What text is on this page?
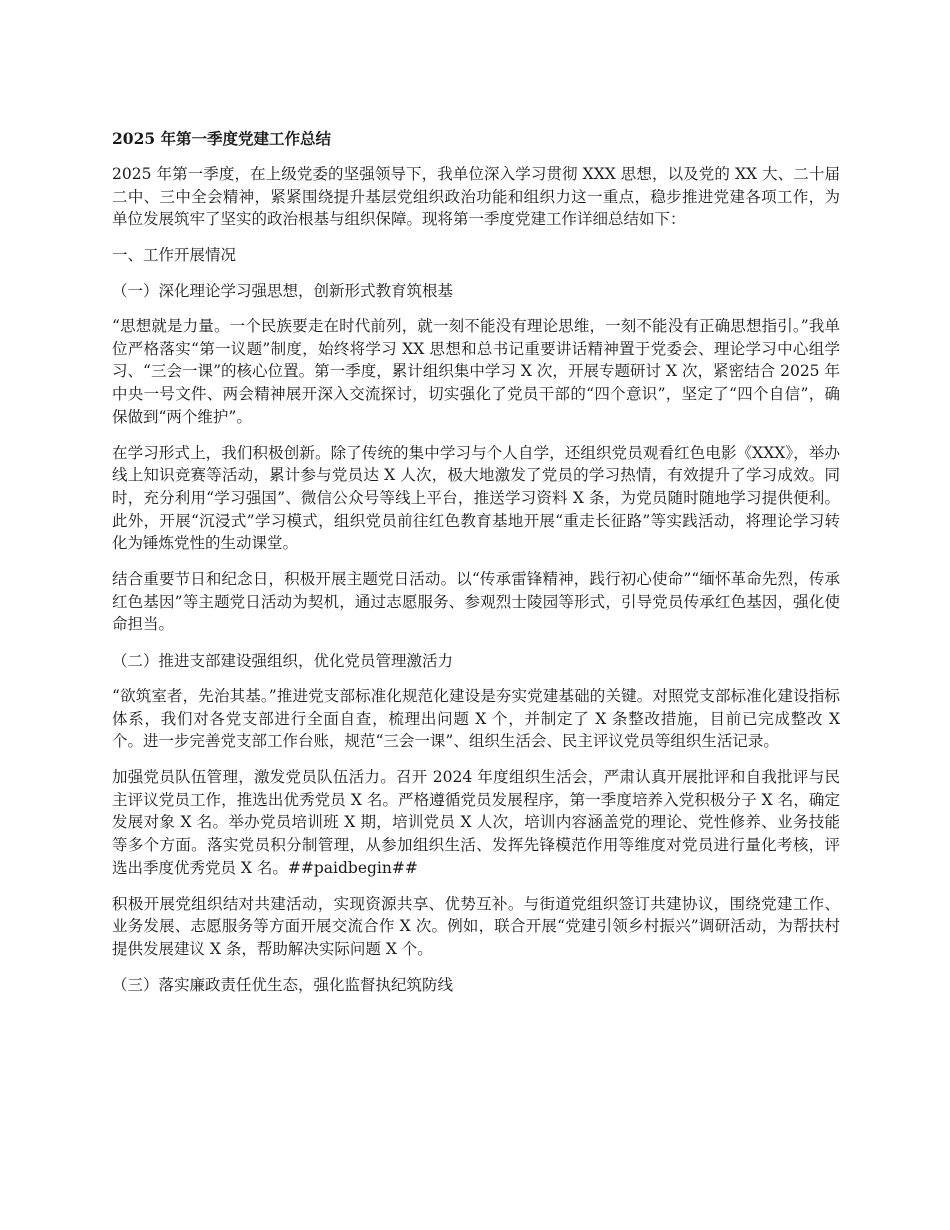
2025 年第一季度党建工作总结

2025 年第一季度，在上级党委的坚强领导下，我单位深入学习贯彻 XXX 思想，以及党的 XX 大、二十届二中、三中全会精神，紧紧围绕提升基层党组织政治功能和组织力这一重点，稳步推进党建各项工作，为单位发展筑牢了坚实的政治根基与组织保障。现将第一季度党建工作详细总结如下：

一、工作开展情况
（一）深化理论学习强思想，创新形式教育筑根基

“思想就是力量。一个民族要走在时代前列，就一刻不能没有理论思维，一刻不能没有正确思想指引。”我单位严格落实“第一议题”制度，始终将学习 XX 思想和总书记重要讲话精神置于党委会、理论学习中心组学习、“三会一课”的核心位置。第一季度，累计组织集中学习 X 次，开展专题研讨 X 次，紧密结合 2025 年中央一号文件、两会精神展开深入交流探讨，切实强化了党员干部的“四个意识”，坚定了“四个自信”，确保做到“两个维护”。

在学习形式上，我们积极创新。除了传统的集中学习与个人自学，还组织党员观看红色电影《XXX》，举办线上知识竞赛等活动，累计参与党员达 X 人次，极大地激发了党员的学习热情，有效提升了学习成效。同时，充分利用“学习强国”、微信公众号等线上平台，推送学习资料 X 条，为党员随时随地学习提供便利。此外，开展“沉浸式”学习模式，组织党员前往红色教育基地开展“重走长征路”等实践活动，将理论学习转化为锤炼党性的生动课堂。

结合重要节日和纪念日，积极开展主题党日活动。以“传承雷锋精神，践行初心使命”“缅怀革命先烈，传承红色基因”等主题党日活动为契机，通过志愿服务、参观烈士陵园等形式，引导党员传承红色基因，强化使命担当。

（二）推进支部建设强组织，优化党员管理激活力

“欲筑室者，先治其基。”推进党支部标准化规范化建设是夯实党建基础的关键。对照党支部标准化建设指标体系，我们对各党支部进行全面自查，梳理出问题 X 个，并制定了 X 条整改措施，目前已完成整改 X 个。进一步完善党支部工作台账，规范“三会一课”、组织生活会、民主评议党员等组织生活记录。

加强党员队伍管理，激发党员队伍活力。召开 2024 年度组织生活会，严肃认真开展批评和自我批评与民主评议党员工作，推选出优秀党员 X 名。严格遵循党员发展程序，第一季度培养入党积极分子 X 名，确定发展对象 X 名。举办党员培训班 X 期，培训党员 X 人次，培训内容涵盖党的理论、党性修养、业务技能等多个方面。落实党员积分制管理，从参加组织生活、发挥先锋模范作用等维度对党员进行量化考核，评选出季度优秀党员 X 名。##paidbegin##

积极开展党组织结对共建活动，实现资源共享、优势互补。与街道党组织签订共建协议，围绕党建工作、业务发展、志愿服务等方面开展交流合作 X 次。例如，联合开展“党建引领乡村振兴”调研活动，为帮扶村提供发展建议 X 条，帮助解决实际问题 X 个。

（三）落实廉政责任优生态，强化监督执纪筑防线
